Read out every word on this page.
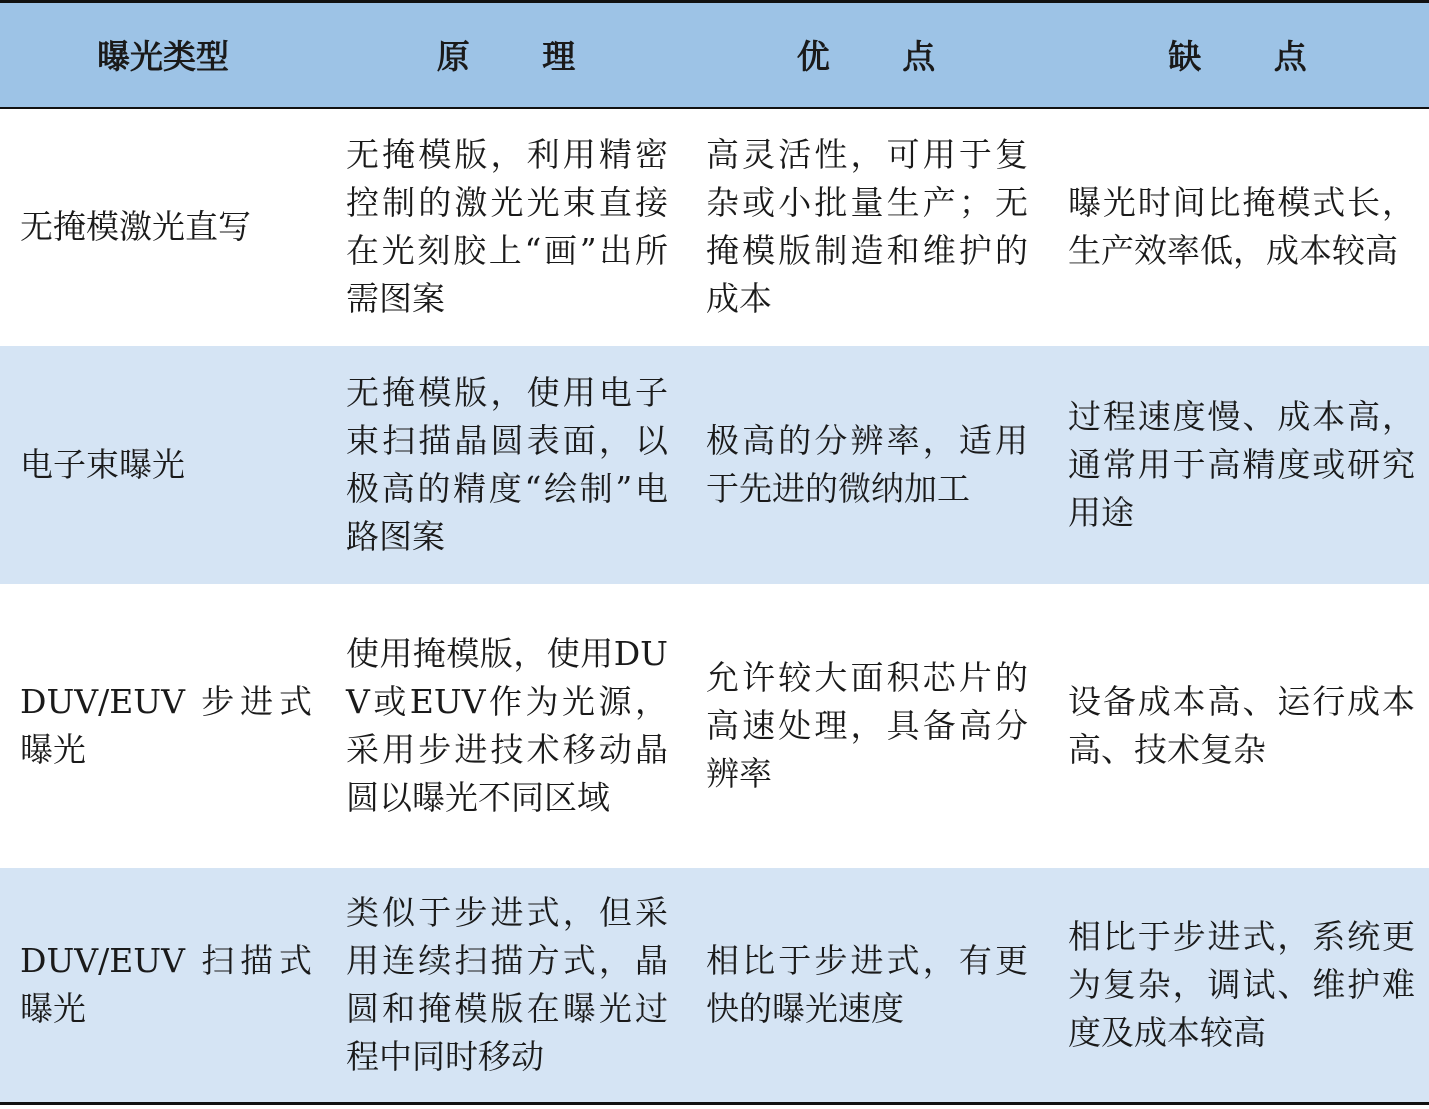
曝光类型	原理	优点	缺点
无掩模激光直写	无掩模版，利用精密控制的激光光束直接在光刻胶上“画”出所需图案	高灵活性，可用于复杂或小批量生产；无掩模版制造和维护的成本	曝光时间比掩模式长，生产效率低，成本较高
电子束曝光	无掩模版，使用电子束扫描晶圆表面，以极高的精度“绘制”电路图案	极高的分辨率，适用于先进的微纳加工	过程速度慢、成本高，通常用于高精度或研究用途
DUV/EUV 步进式曝光	使用掩模版，使用DUV或EUV作为光源，采用步进技术移动晶圆以曝光不同区域	允许较大面积芯片的高速处理，具备高分辨率	设备成本高、运行成本高、技术复杂
DUV/EUV 扫描式曝光	类似于步进式，但采用连续扫描方式，晶圆和掩模版在曝光过程中同时移动	相比于步进式，有更快的曝光速度	相比于步进式，系统更为复杂，调试、维护难度及成本较高
